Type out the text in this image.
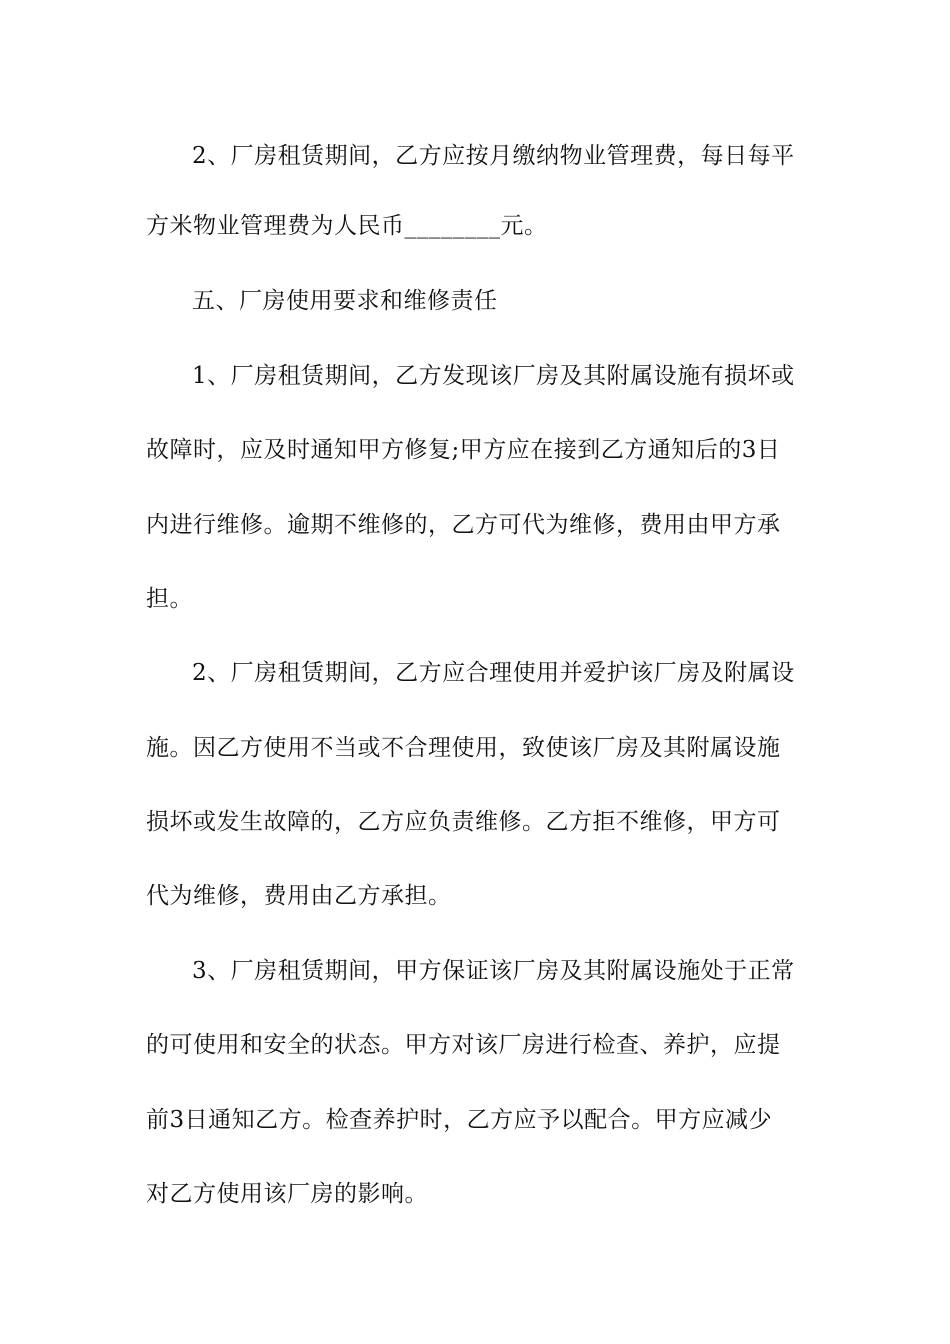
2、厂房租赁期间，乙方应按月缴纳物业管理费，每日每平
方米物业管理费为人民币________元。
五、厂房使用要求和维修责任
1、厂房租赁期间，乙方发现该厂房及其附属设施有损坏或
故障时，应及时通知甲方修复;甲方应在接到乙方通知后的3日
内进行维修。逾期不维修的，乙方可代为维修，费用由甲方承
担。
2、厂房租赁期间，乙方应合理使用并爱护该厂房及附属设
施。因乙方使用不当或不合理使用，致使该厂房及其附属设施
损坏或发生故障的，乙方应负责维修。乙方拒不维修，甲方可
代为维修，费用由乙方承担。
3、厂房租赁期间，甲方保证该厂房及其附属设施处于正常
的可使用和安全的状态。甲方对该厂房进行检查、养护，应提
前3日通知乙方。检查养护时，乙方应予以配合。甲方应减少
对乙方使用该厂房的影响。
